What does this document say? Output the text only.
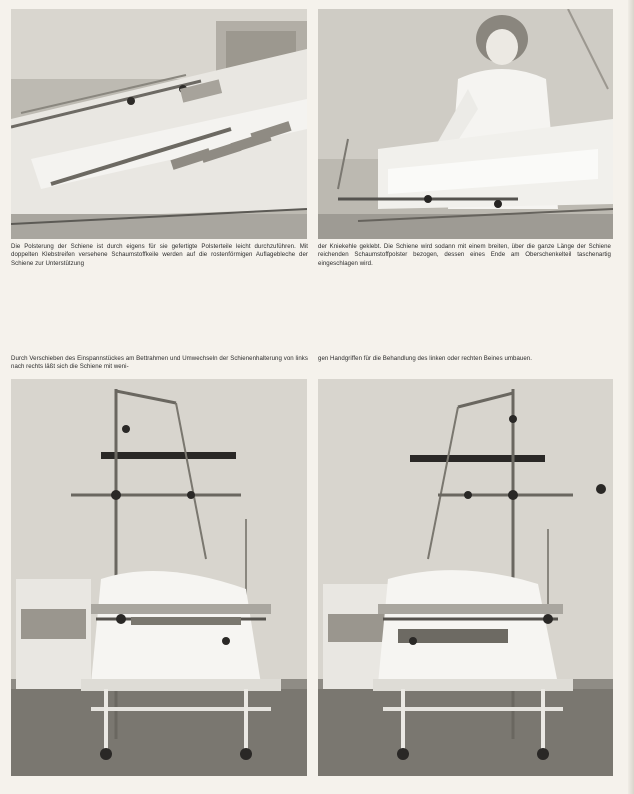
Die Polsterung der Schiene ist durch eigens für sie gefertigte Polsterteile leicht durchzuführen. Mit doppelten Klebstreifen versehene Schaumstoffkeile werden auf die rostenförmigen Auflagebleche der Schiene zur Unterstützung

der Kniekehle geklebt. Die Schiene wird sodann mit einem breiten, über die ganze Länge der Schiene reichenden Schaumstoffpolster bezogen, dessen eines Ende am Oberschenkelteil taschenartig eingeschlagen wird.

Durch Verschieben des Einspannstückes am Bettrahmen und Umwechseln der Schienenhalterung von links nach rechts läßt sich die Schiene mit weni-

gen Handgriffen für die Behandlung des linken oder rechten Beines umbauen.
